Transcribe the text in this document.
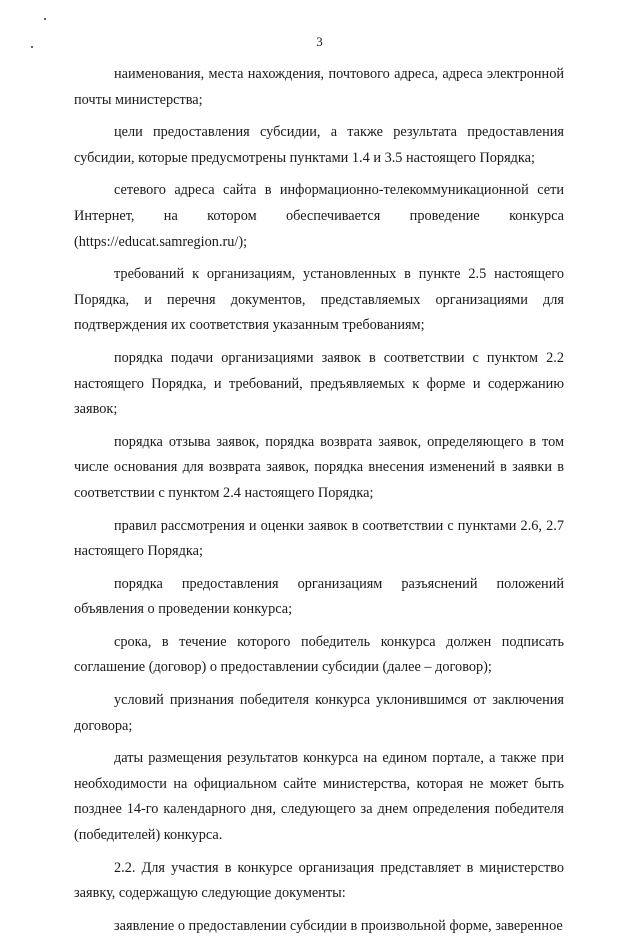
3

наименования, места нахождения, почтового адреса, адреса электронной почты министерства;

цели предоставления субсидии, а также результата предоставления субсидии, которые предусмотрены пунктами 1.4 и 3.5 настоящего Порядка;

сетевого адреса сайта в информационно-телекоммуникационной сети Интернет, на котором обеспечивается проведение конкурса (https://educat.samregion.ru/);

требований к организациям, установленных в пункте 2.5 настоящего Порядка, и перечня документов, представляемых организациями для подтверждения их соответствия указанным требованиям;

порядка подачи организациями заявок в соответствии с пунктом 2.2 настоящего Порядка, и требований, предъявляемых к форме и содержанию заявок;

порядка отзыва заявок, порядка возврата заявок, определяющего в том числе основания для возврата заявок, порядка внесения изменений в заявки в соответствии с пунктом 2.4 настоящего Порядка;

правил рассмотрения и оценки заявок в соответствии с пунктами 2.6, 2.7 настоящего Порядка;

порядка предоставления организациям разъяснений положений объявления о проведении конкурса;

срока, в течение которого победитель конкурса должен подписать соглашение (договор) о предоставлении субсидии (далее – договор);

условий признания победителя конкурса уклонившимся от заключения договора;

даты размещения результатов конкурса на едином портале, а также при необходимости на официальном сайте министерства, которая не может быть позднее 14-го календарного дня, следующего за днем определения победителя (победителей) конкурса.

2.2. Для участия в конкурсе организация представляет в министерство заявку, содержащую следующие документы:

заявление о предоставлении субсидии в произвольной форме, заверенное
